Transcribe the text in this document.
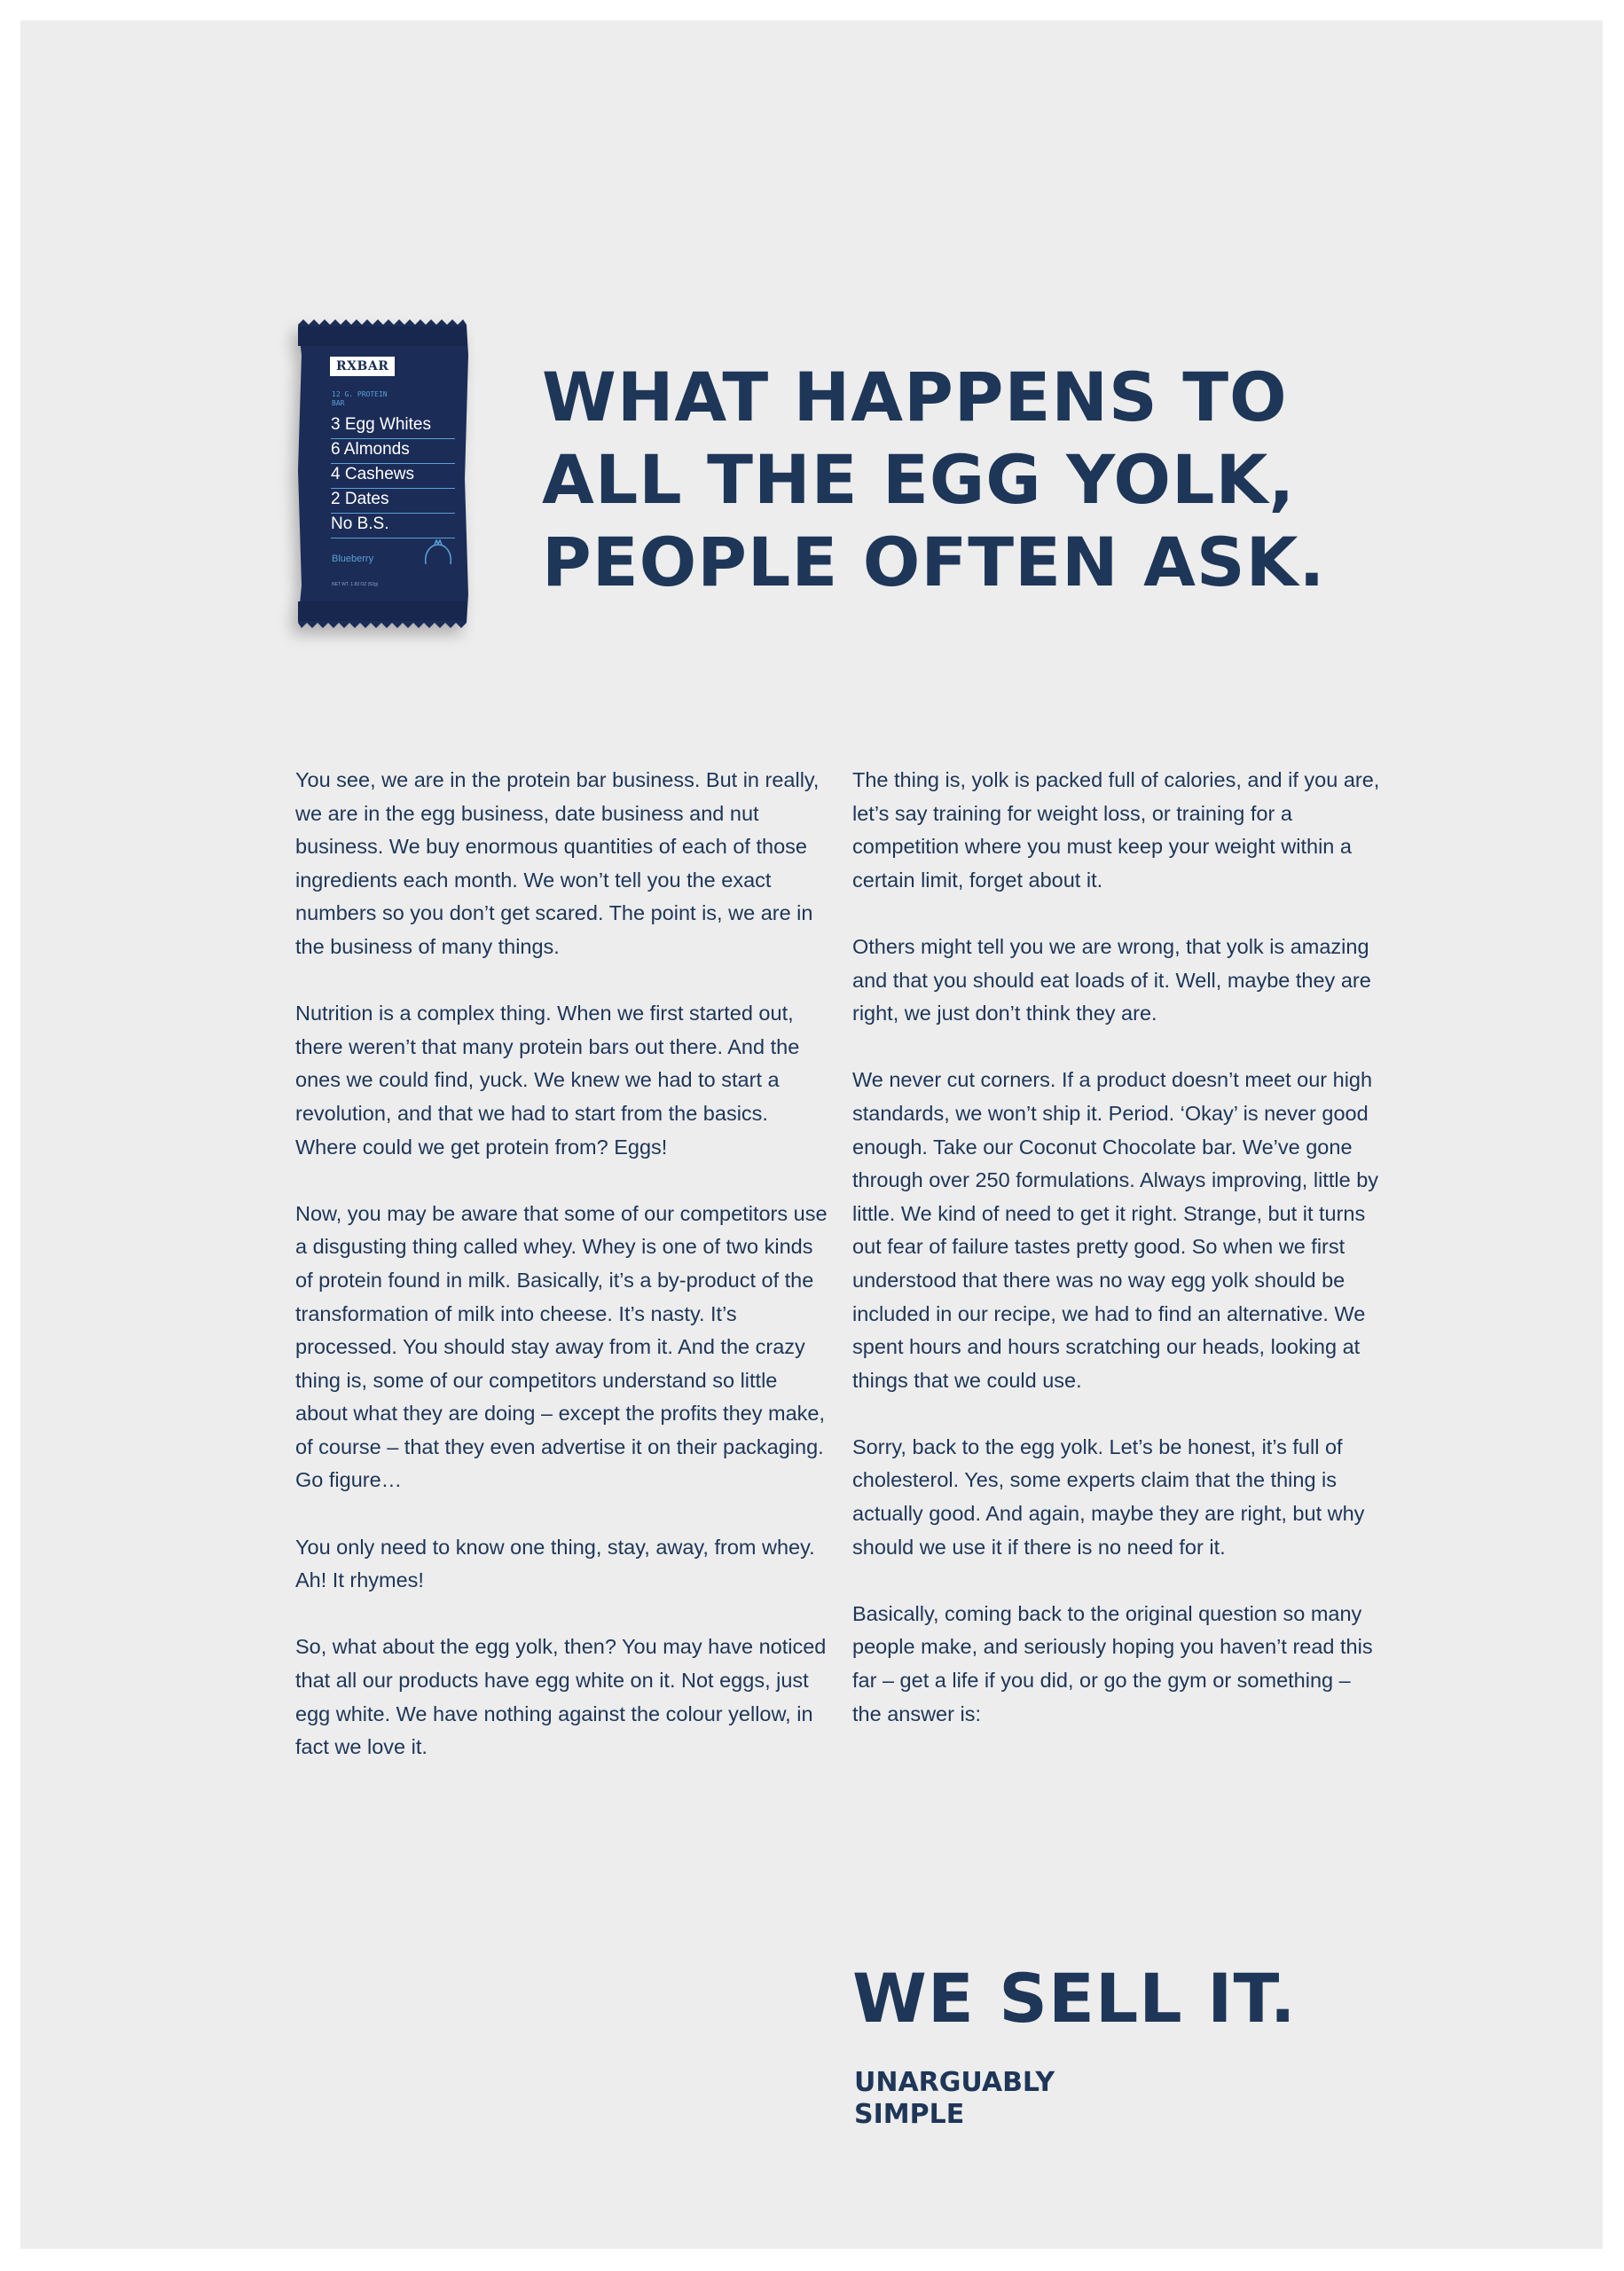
RXBAR
12 G. PROTEIN BAR
3 Egg Whites
6 Almonds
4 Cashews
2 Dates
No B.S.
Blueberry
NET WT. 1.83 OZ (52g)
WHAT HAPPENS TO ALL THE EGG YOLK, PEOPLE OFTEN ASK.

You see, we are in the protein bar business. But in really, we are in the egg business, date business and nut business. We buy enormous quantities of each of those ingredients each month. We won’t tell you the exact numbers so you don’t get scared. The point is, we are in the business of many things.

Nutrition is a complex thing. When we first started out, there weren’t that many protein bars out there. And the ones we could find, yuck. We knew we had to start a revolution, and that we had to start from the basics. Where could we get protein from? Eggs!

Now, you may be aware that some of our competitors use a disgusting thing called whey. Whey is one of two kinds of protein found in milk. Basically, it’s a by-product of the transformation of milk into cheese. It’s nasty. It’s processed. You should stay away from it. And the crazy thing is, some of our competitors understand so little about what they are doing – except the profits they make, of course – that they even advertise it on their packaging. Go figure…

You only need to know one thing, stay, away, from whey. Ah! It rhymes!

So, what about the egg yolk, then? You may have noticed that all our products have egg white on it. Not eggs, just egg white. We have nothing against the colour yellow, in fact we love it.

The thing is, yolk is packed full of calories, and if you are, let’s say training for weight loss, or training for a competition where you must keep your weight within a certain limit, forget about it.

Others might tell you we are wrong, that yolk is amazing and that you should eat loads of it. Well, maybe they are right, we just don’t think they are.

We never cut corners. If a product doesn’t meet our high standards, we won’t ship it. Period. ‘Okay’ is never good enough. Take our Coconut Chocolate bar. We’ve gone through over 250 formulations. Always improving, little by little. We kind of need to get it right. Strange, but it turns out fear of failure tastes pretty good. So when we first understood that there was no way egg yolk should be included in our recipe, we had to find an alternative. We spent hours and hours scratching our heads, looking at things that we could use.

Sorry, back to the egg yolk. Let’s be honest, it’s full of cholesterol. Yes, some experts claim that the thing is actually good. And again, maybe they are right, but why should we use it if there is no need for it.

Basically, coming back to the original question so many people make, and seriously hoping you haven’t read this far – get a life if you did, or go the gym or something – the answer is:

WE SELL IT.
UNARGUABLY
SIMPLE
